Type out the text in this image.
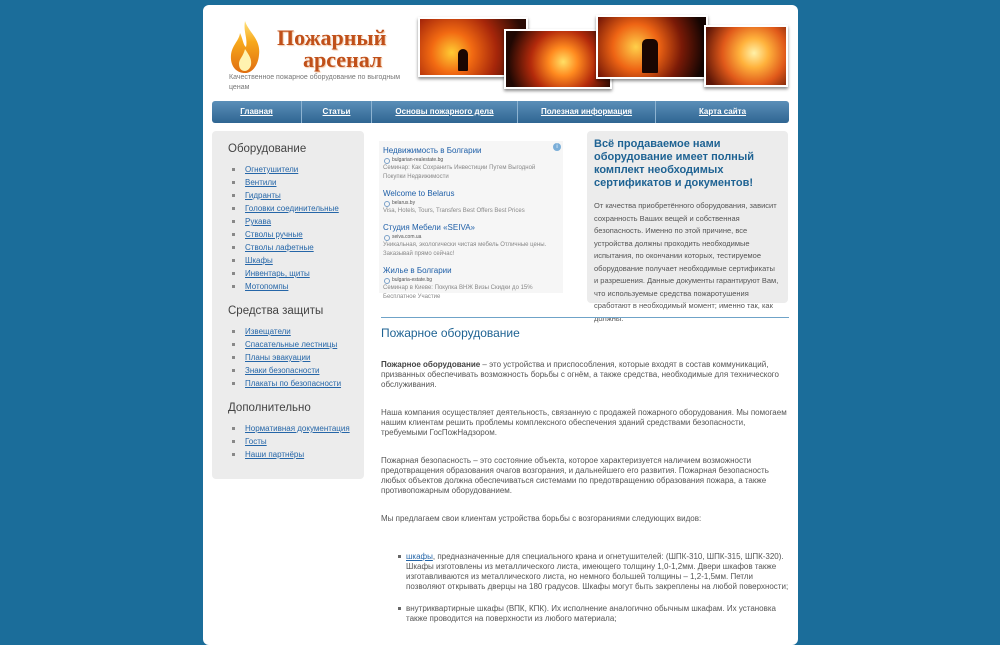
Пожарный
арсенал
Качественное пожарное оборудование по выгодным ценам
Главная	Статьи	Основы пожарного дела	Полезная информация	Карта сайта
Оборудование
Огнетушители
Вентили
Гидранты
Головки соединительные
Рукава
Стволы ручные
Стволы лафетные
Шкафы
Инвентарь, щиты
Мотопомпы
Средства защиты
Извещатели
Спасательные лестницы
Планы эвакуации
Знаки безопасности
Плакаты по безопасности
Дополнительно
Нормативная документация
Госты
Наши партнёры
i
Недвижимость в Болгарии
bulgarian-realestate.bg
Семинар: Как Сохранить Инвестиции Путем Выгодной Покупки Недвижимости
Welcome to Belarus
belarus.by
Visa, Hotels, Tours, Transfers Best Offers Best Prices
Студия Мебели «SEIVA»
seiva.com.ua
Уникальная, экологически чистая мебель Отличные цены. Заказывай прямо сейчас!
Жилье в Болгарии
bulgaria-estate.bg
Семинар в Киеве: Покупка ВНЖ Визы Скидки до 15% Бесплатное Участие
Всё продаваемое нами оборудование имеет полный комплект необходимых сертификатов и документов!
От качества приобретённого оборудования, зависит сохранность Ваших вещей и собственная безопасность. Именно по этой причине, все устройства должны проходить необходимые испытания, по окончании которых, тестируемое оборудование получает необходимые сертификаты и разрешения. Данные документы гарантируют Вам, что используемые средства пожаротушения сработают в необходимый момент; именно так, как должны.
Пожарное оборудование

Пожарное оборудование – это устройства и приспособления, которые входят в состав коммуникаций, призванных обеспечивать возможность борьбы с огнём, а также средства, необходимые для технического обслуживания.

Наша компания осуществляет деятельность, связанную с продажей пожарного оборудования. Мы помогаем нашим клиентам решить проблемы комплексного обеспечения зданий средствами безопасности, требуемыми ГосПожНадзором.

Пожарная безопасность – это состояние объекта, которое характеризуется наличием возможности предотвращения образования очагов возгорания, и дальнейшего его развития. Пожарная безопасность любых объектов должна обеспечиваться системами по предотвращению образования пожара, а также противопожарным оборудованием.

Мы предлагаем свои клиентам устройства борьбы с возгораниями следующих видов:

шкафы, предназначенные для специального крана и огнетушителей: (ШПК-310, ШПК-315, ШПК-320). Шкафы изготовлены из металлического листа, имеющего толщину 1,0-1,2мм. Двери шкафов также изготавливаются из металлического листа, но немного большей толщины – 1,2-1,5мм. Петли позволяют открывать дверцы на 180 градусов. Шкафы могут быть закреплены на любой поверхности;
внутриквартирные шкафы (ВПК, КПК). Их исполнение аналогично обычным шкафам. Их установка также проводится на поверхности из любого материала;
